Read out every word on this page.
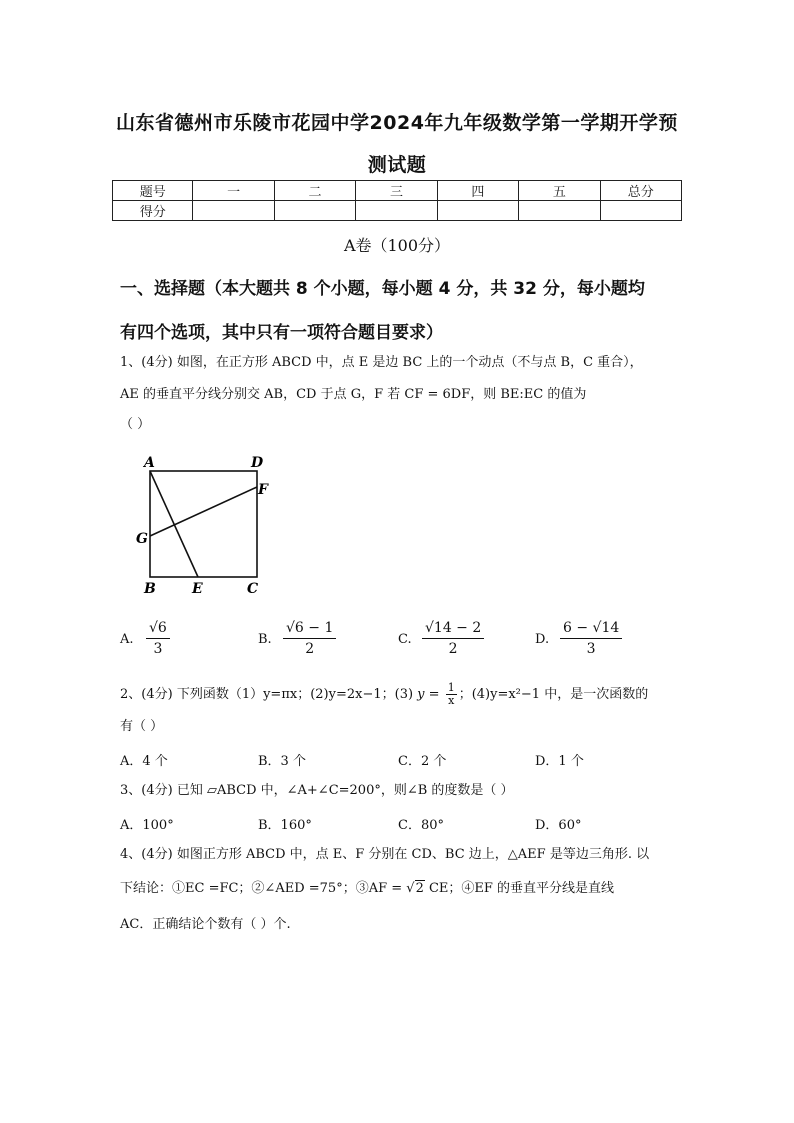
山东省德州市乐陵市花园中学2024年九年级数学第一学期开学预
测试题
题号	一	二	三	四	五	总分
得分						
A卷（100分）
一、选择题（本大题共 8 个小题，每小题 4 分，共 32 分，每小题均
有四个选项，其中只有一项符合题目要求）
1、(4分) 如图，在正方形 ABCD 中，点 E 是边 BC 上的一个动点（不与点 B，C 重合），
AE 的垂直平分线分别交 AB，CD 于点 G，F 若 CF = 6DF，则 BE:EC 的值为
（ ）
A	D
F
G
B	E	C
A.
√6
3
B.
√6 − 1
2
C.
√14 − 2
2
D.
6 − √14
3
2、(4分) 下列函数（1）y=πx；(2)y=2x−1；(3) $y = \frac{1}{x}$ ；(4)y=x²−1 中，是一次函数的
有（ ）
A．4 个	B．3 个	C．2 个	D．1 个
3、(4分) 已知 ▱ABCD 中，∠A+∠C=200°，则∠B 的度数是（ ）
A．100°	B．160°	C．80°	D．60°
4、(4分) 如图正方形 ABCD 中，点 E、F 分别在 CD、BC 边上，△AEF 是等边三角形. 以
下结论：①EC =FC；②∠AED =75°；③AF = √2 CE；④EF 的垂直平分线是直线
AC．正确结论个数有（ ）个.
